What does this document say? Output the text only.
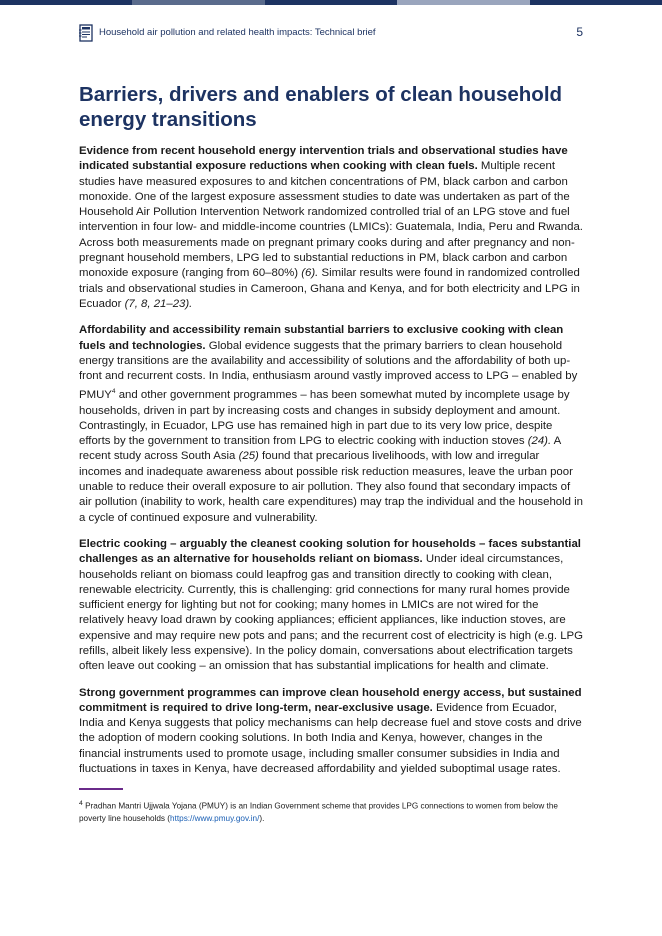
Household air pollution and related health impacts: Technical brief	5
Barriers, drivers and enablers of clean household energy transitions

Evidence from recent household energy intervention trials and observational studies have indicated substantial exposure reductions when cooking with clean fuels. Multiple recent studies have measured exposures to and kitchen concentrations of PM, black carbon and carbon monoxide. One of the largest exposure assessment studies to date was undertaken as part of the Household Air Pollution Intervention Network randomized controlled trial of an LPG stove and fuel intervention in four low- and middle-income countries (LMICs): Guatemala, India, Peru and Rwanda. Across both measurements made on pregnant primary cooks during and after pregnancy and non-pregnant household members, LPG led to substantial reductions in PM, black carbon and carbon monoxide exposure (ranging from 60–80%) (6). Similar results were found in randomized controlled trials and observational studies in Cameroon, Ghana and Kenya, and for both electricity and LPG in Ecuador (7, 8, 21–23).

Affordability and accessibility remain substantial barriers to exclusive cooking with clean fuels and technologies. Global evidence suggests that the primary barriers to clean household energy transitions are the availability and accessibility of solutions and the affordability of both up-front and recurrent costs. In India, enthusiasm around vastly improved access to LPG – enabled by PMUY$^4$ and other government programmes – has been somewhat muted by incomplete usage by households, driven in part by increasing costs and changes in subsidy deployment and amount. Contrastingly, in Ecuador, LPG use has remained high in part due to its very low price, despite efforts by the government to transition from LPG to electric cooking with induction stoves (24). A recent study across South Asia (25) found that precarious livelihoods, with low and irregular incomes and inadequate awareness about possible risk reduction measures, leave the urban poor unable to reduce their overall exposure to air pollution. They also found that secondary impacts of air pollution (inability to work, health care expenditures) may trap the individual and the household in a cycle of continued exposure and vulnerability.

Electric cooking – arguably the cleanest cooking solution for households – faces substantial challenges as an alternative for households reliant on biomass. Under ideal circumstances, households reliant on biomass could leapfrog gas and transition directly to cooking with clean, renewable electricity. Currently, this is challenging: grid connections for many rural homes provide sufficient energy for lighting but not for cooking; many homes in LMICs are not wired for the relatively heavy load drawn by cooking appliances; efficient appliances, like induction stoves, are expensive and may require new pots and pans; and the recurrent cost of electricity is high (e.g. LPG refills, albeit likely less expensive). In the policy domain, conversations about electrification targets often leave out cooking – an omission that has substantial implications for health and climate.

Strong government programmes can improve clean household energy access, but sustained commitment is required to drive long-term, near-exclusive usage. Evidence from Ecuador, India and Kenya suggests that policy mechanisms can help decrease fuel and stove costs and drive the adoption of modern cooking solutions. In both India and Kenya, however, changes in the financial instruments used to promote usage, including smaller consumer subsidies in India and fluctuations in taxes in Kenya, have decreased affordability and yielded suboptimal usage rates.

$^4$ Pradhan Mantri Ujjwala Yojana (PMUY) is an Indian Government scheme that provides LPG connections to women from below the poverty line households (https://www.pmuy.gov.in/).
